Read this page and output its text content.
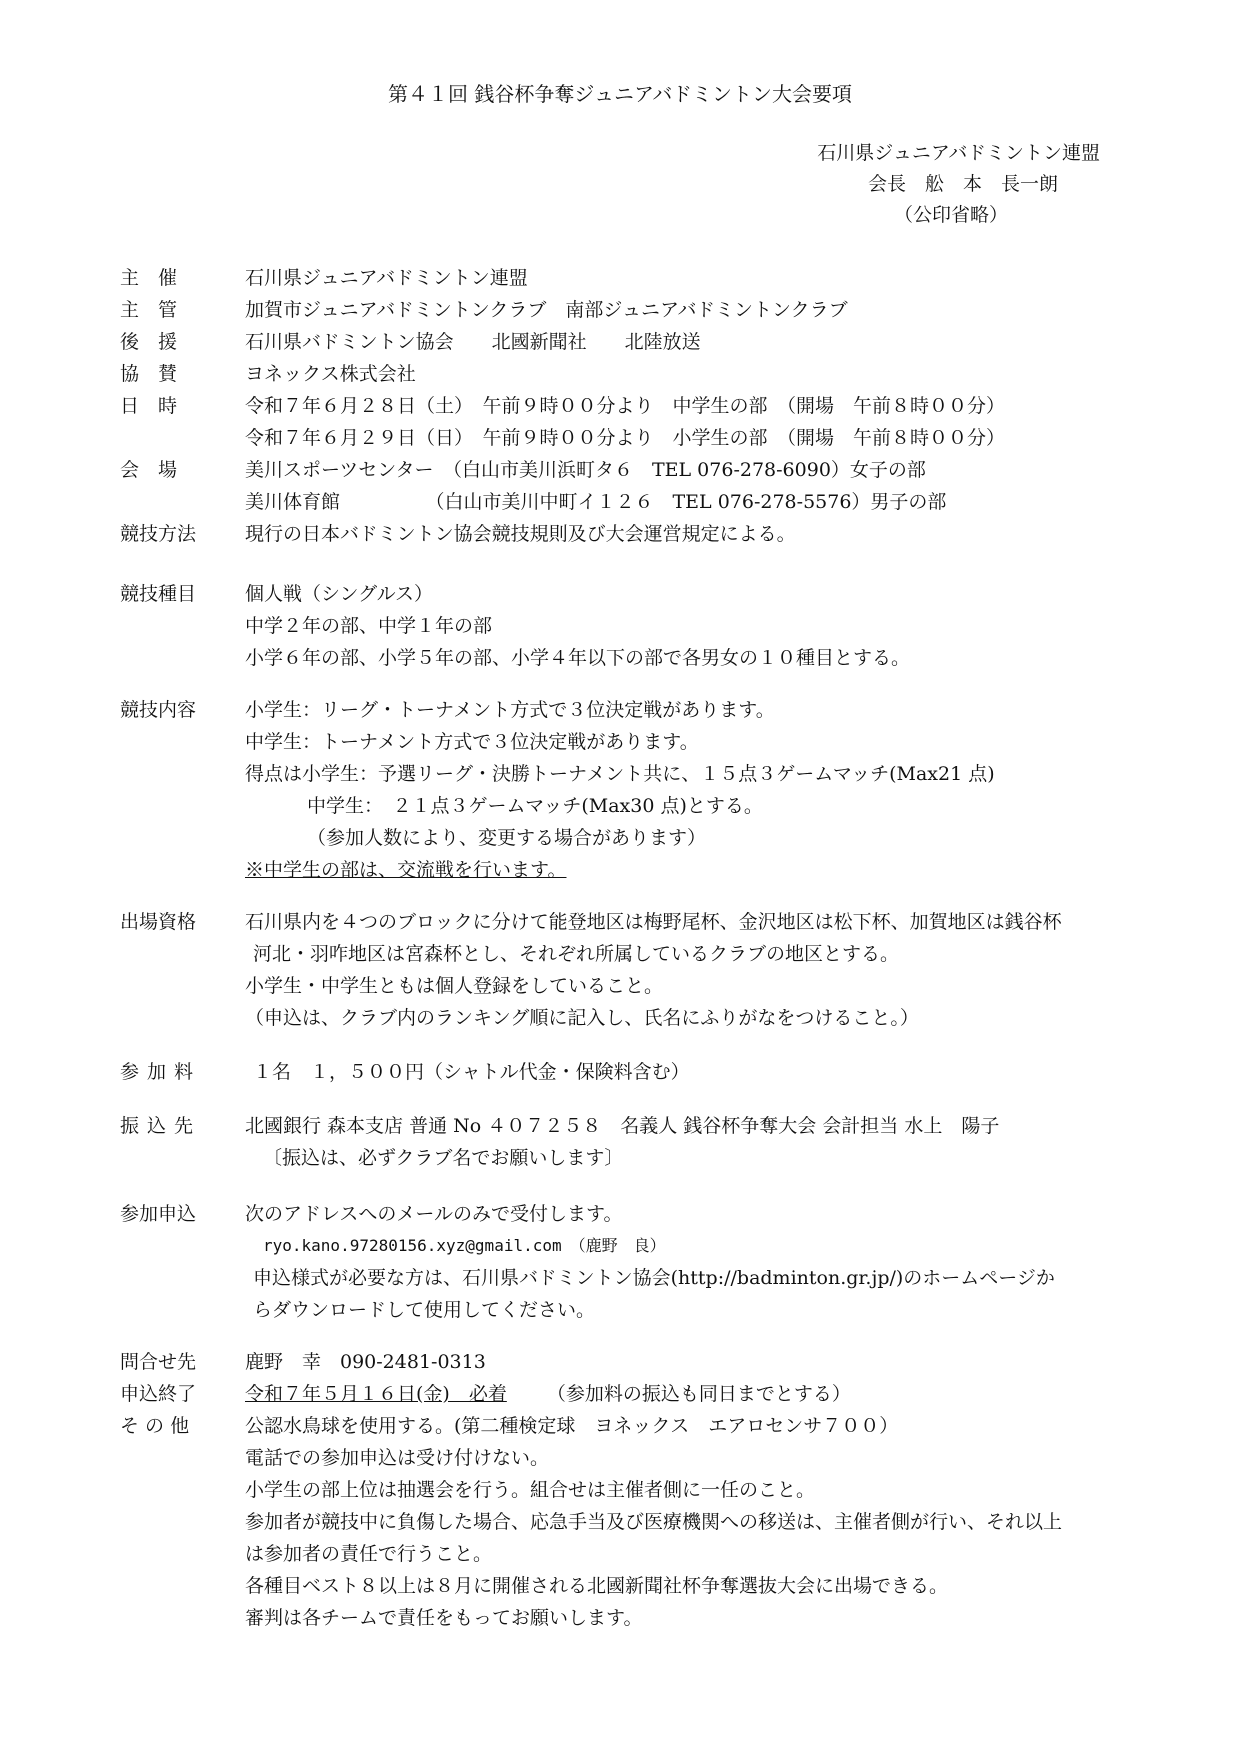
第４１回 銭谷杯争奪ジュニアバドミントン大会要項
石川県ジュニアバドミントン連盟
会長　舩　本　長一朗
（公印省略）
主　催	石川県ジュニアバドミントン連盟
主　管	加賀市ジュニアバドミントンクラブ　南部ジュニアバドミントンクラブ
後　援	石川県バドミントン協会　　北國新聞社　　北陸放送
協　賛	ヨネックス株式会社
日　時	令和７年６月２８日（土）　午前９時００分より　中学生の部　（開場　午前８時００分）
令和７年６月２９日（日）　午前９時００分より　小学生の部　（開場　午前８時００分）
会　場	美川スポーツセンター　（白山市美川浜町タ６　TEL 076-278-6090）女子の部
美川体育館　　　　　（白山市美川中町イ１２６　TEL 076-278-5576）男子の部
競技方法	現行の日本バドミントン協会競技規則及び大会運営規定による。
競技種目	個人戦（シングルス）
中学２年の部、中学１年の部
小学６年の部、小学５年の部、小学４年以下の部で各男女の１０種目とする。
競技内容	小学生：リーグ・トーナメント方式で３位決定戦があります。
中学生：トーナメント方式で３位決定戦があります。
得点は小学生：予選リーグ・決勝トーナメント共に、１５点３ゲームマッチ(Max21 点)
中学生：　２１点３ゲームマッチ(Max30 点)とする。
（参加人数により、変更する場合があります）
※中学生の部は、交流戦を行います。
出場資格	石川県内を４つのブロックに分けて能登地区は梅野尾杯、金沢地区は松下杯、加賀地区は銭谷杯
河北・羽咋地区は宮森杯とし、それぞれ所属しているクラブの地区とする。
小学生・中学生ともは個人登録をしていること。
（申込は、クラブ内のランキング順に記入し、氏名にふりがなをつけること。）
参加料	１名　１，５００円（シャトル代金・保険料含む）
振込先	北國銀行 森本支店 普通 No ４０７２５８　名義人 銭谷杯争奪大会 会計担当 水上　陽子
〔振込は、必ずクラブ名でお願いします〕
参加申込	次のアドレスへのメールのみで受付します。
ryo.kano.97280156.xyz@gmail.com　（鹿野　良）
申込様式が必要な方は、石川県バドミントン協会(http://badminton.gr.jp/)のホームページか
らダウンロードして使用してください。
問合せ先	鹿野　幸　090-2481-0313
申込終了	令和７年５月１６日(金)　必着 （参加料の振込も同日までとする）
そ の 他	公認水鳥球を使用する。(第二種検定球　ヨネックス　エアロセンサ７００）
電話での参加申込は受け付けない。
小学生の部上位は抽選会を行う。組合せは主催者側に一任のこと。
参加者が競技中に負傷した場合、応急手当及び医療機関への移送は、主催者側が行い、それ以上
は参加者の責任で行うこと。
各種目ベスト８以上は８月に開催される北國新聞社杯争奪選抜大会に出場できる。
審判は各チームで責任をもってお願いします。
